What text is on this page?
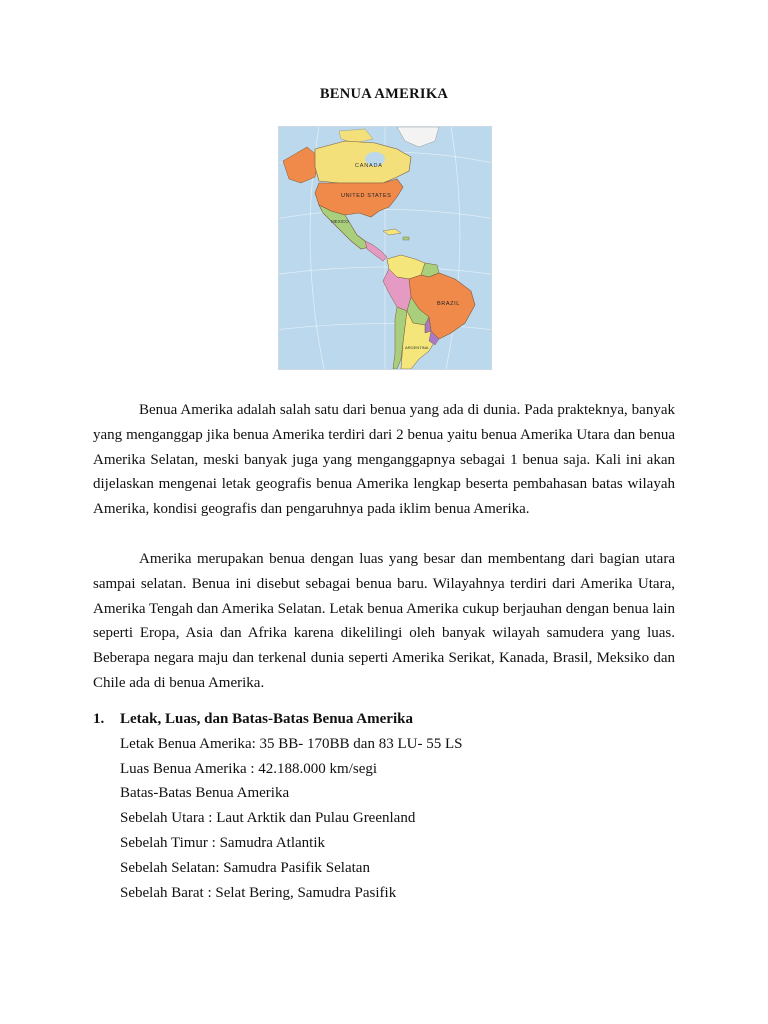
BENUA AMERIKA
CANADA
UNITED STATES
MEXICO
BRAZIL
ARGENTINA

Benua Amerika adalah salah satu dari benua yang ada di dunia. Pada prakteknya, banyak yang menganggap jika benua Amerika terdiri dari 2 benua yaitu benua Amerika Utara dan benua Amerika Selatan, meski banyak juga yang menganggapnya sebagai 1 benua saja. Kali ini akan dijelaskan mengenai letak geografis benua Amerika lengkap beserta pembahasan batas wilayah Amerika, kondisi geografis dan pengaruhnya pada iklim benua Amerika.

Amerika merupakan benua dengan luas yang besar dan membentang dari bagian utara sampai selatan. Benua ini disebut sebagai benua baru. Wilayahnya terdiri dari Amerika Utara, Amerika Tengah dan Amerika Selatan. Letak benua Amerika cukup berjauhan dengan benua lain seperti Eropa, Asia dan Afrika karena dikelilingi oleh banyak wilayah samudera yang luas. Beberapa negara maju dan terkenal dunia seperti Amerika Serikat, Kanada, Brasil, Meksiko dan Chile ada di benua Amerika.

1.	Letak, Luas, dan Batas-Batas Benua Amerika
Letak Benua Amerika: 35 BB- 170BB dan 83 LU- 55 LS
Luas Benua Amerika : 42.188.000 km/segi
Batas-Batas Benua Amerika
Sebelah Utara : Laut Arktik dan Pulau Greenland
Sebelah Timur : Samudra Atlantik
Sebelah Selatan: Samudra Pasifik Selatan
Sebelah Barat : Selat Bering, Samudra Pasifik
